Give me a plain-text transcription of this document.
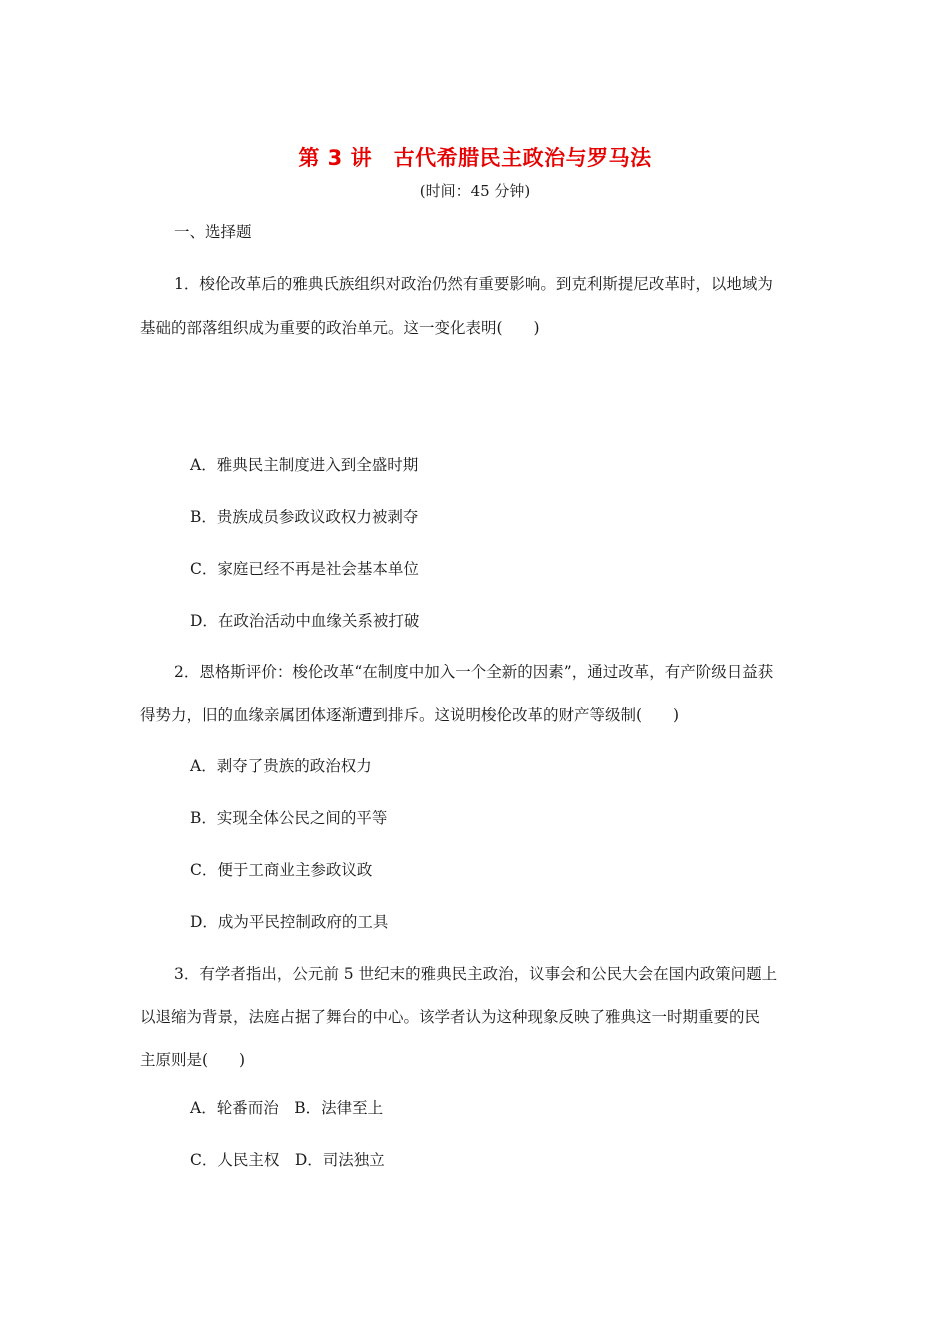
第 3 讲　古代希腊民主政治与罗马法
(时间：45 分钟)
一、选择题
1．梭伦改革后的雅典氏族组织对政治仍然有重要影响。到克利斯提尼改革时，以地域为
基础的部落组织成为重要的政治单元。这一变化表明(　　)
A．雅典民主制度进入到全盛时期
B．贵族成员参政议政权力被剥夺
C．家庭已经不再是社会基本单位
D．在政治活动中血缘关系被打破
2．恩格斯评价：梭伦改革“在制度中加入一个全新的因素”，通过改革，有产阶级日益获
得势力，旧的血缘亲属团体逐渐遭到排斥。这说明梭伦改革的财产等级制(　　)
A．剥夺了贵族的政治权力
B．实现全体公民之间的平等
C．便于工商业主参政议政
D．成为平民控制政府的工具
3．有学者指出，公元前 5 世纪末的雅典民主政治，议事会和公民大会在国内政策问题上
以退缩为背景，法庭占据了舞台的中心。该学者认为这种现象反映了雅典这一时期重要的民
主原则是(　　)
A．轮番而治　B．法律至上
C．人民主权　D．司法独立
